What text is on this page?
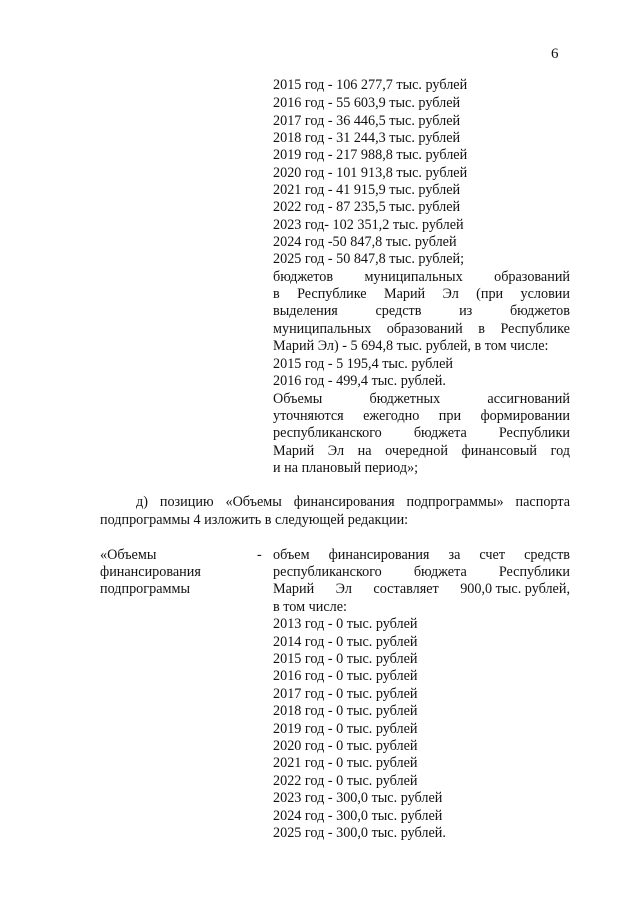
6
2015 год - 106 277,7 тыс. рублей
2016 год - 55 603,9 тыс. рублей
2017 год - 36 446,5 тыс. рублей
2018 год - 31 244,3 тыс. рублей
2019 год - 217 988,8 тыс. рублей
2020 год - 101 913,8 тыс. рублей
2021 год - 41 915,9 тыс. рублей
2022 год - 87 235,5 тыс. рублей
2023 год- 102 351,2 тыс. рублей
2024 год -50 847,8 тыс. рублей
2025 год - 50 847,8 тыс. рублей;
бюджетов муниципальных образований
в Республике Марий Эл (при условии
выделения	средств	из	бюджетов
муниципальных образований в Республике
Марий Эл) - 5 694,8 тыс. рублей, в том числе:
2015 год - 5 195,4 тыс. рублей
2016 год - 499,4 тыс. рублей.
Объемы	бюджетных	ассигнований
уточняются ежегодно при формировании
республиканского бюджета Республики
Марий Эл на очередной финансовый год
и на плановый период»;
д) позицию «Объемы финансирования подпрограммы» паспорта
подпрограммы 4 изложить в следующей редакции:
«Объемы
финансирования
подпрограммы
- объем финансирования за счет средств
республиканского бюджета Республики
Марий Эл составляет 900,0 тыс. рублей,
в том числе:
2013 год - 0 тыс. рублей
2014 год - 0 тыс. рублей
2015 год - 0 тыс. рублей
2016 год - 0 тыс. рублей
2017 год - 0 тыс. рублей
2018 год - 0 тыс. рублей
2019 год - 0 тыс. рублей
2020 год - 0 тыс. рублей
2021 год - 0 тыс. рублей
2022 год - 0 тыс. рублей
2023 год - 300,0 тыс. рублей
2024 год - 300,0 тыс. рублей
2025 год - 300,0 тыс. рублей.
